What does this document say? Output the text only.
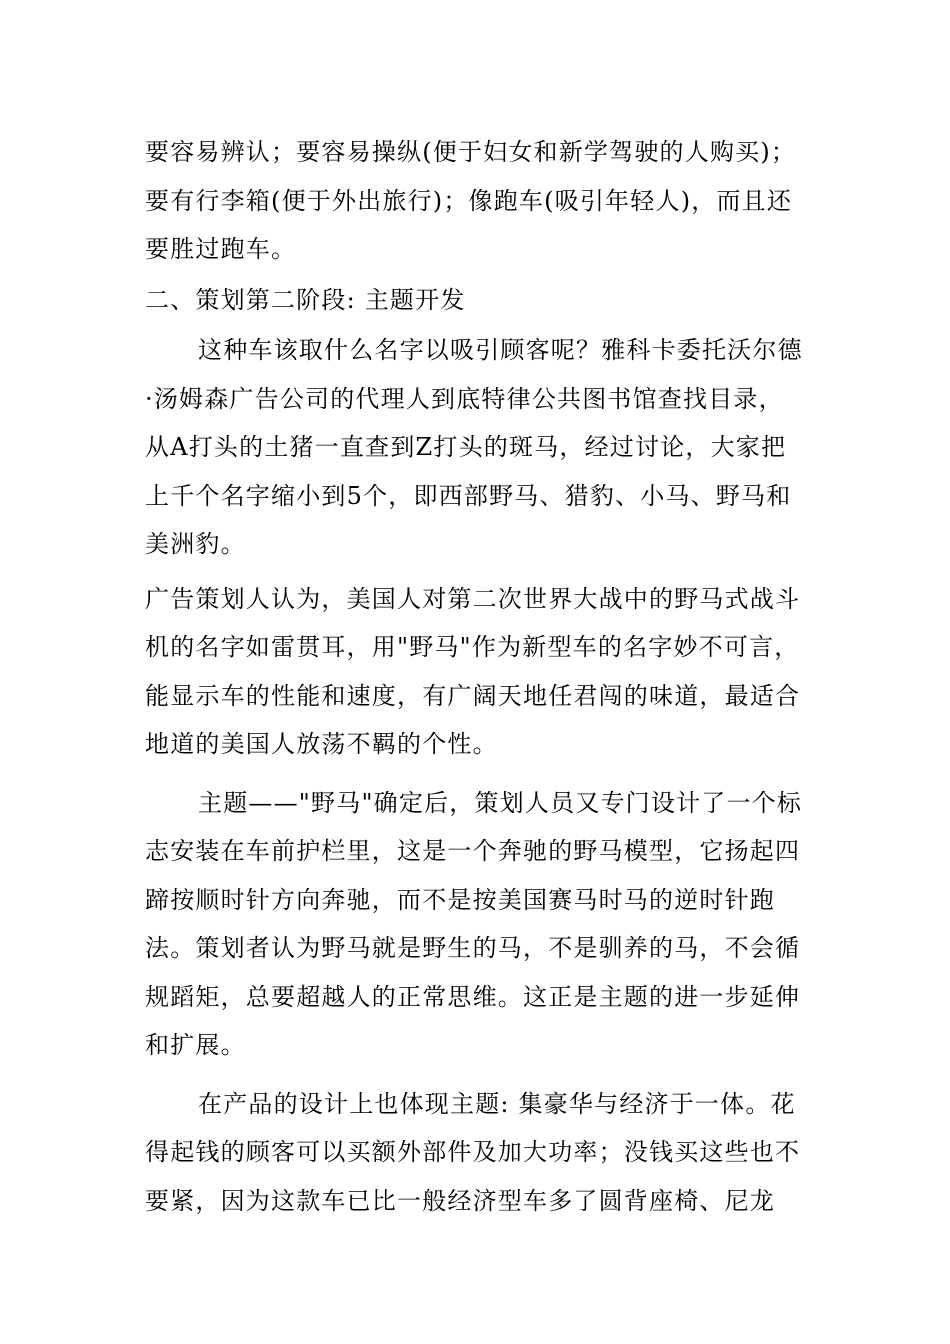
要容易辨认；要容易操纵(便于妇女和新学驾驶的人购买)；要有行李箱(便于外出旅行)；像跑车(吸引年轻人)，而且还要胜过跑车。

二、策划第二阶段: 主题开发

这种车该取什么名字以吸引顾客呢？雅科卡委托沃尔德·汤姆森广告公司的代理人到底特律公共图书馆查找目录，从A打头的土猪一直查到Z打头的斑马，经过讨论，大家把上千个名字缩小到5个，即西部野马、猎豹、小马、野马和美洲豹。

广告策划人认为，美国人对第二次世界大战中的野马式战斗机的名字如雷贯耳，用"野马"作为新型车的名字妙不可言，能显示车的性能和速度，有广阔天地任君闯的味道，最适合地道的美国人放荡不羁的个性。

主题——"野马"确定后，策划人员又专门设计了一个标志安装在车前护栏里，这是一个奔驰的野马模型，它扬起四蹄按顺时针方向奔驰，而不是按美国赛马时马的逆时针跑法。策划者认为野马就是野生的马，不是驯养的马，不会循规蹈矩，总要超越人的正常思维。这正是主题的进一步延伸和扩展。

在产品的设计上也体现主题: 集豪华与经济于一体。花得起钱的顾客可以买额外部件及加大功率；没钱买这些也不要紧，因为这款车已比一般经济型车多了圆背座椅、尼龙
